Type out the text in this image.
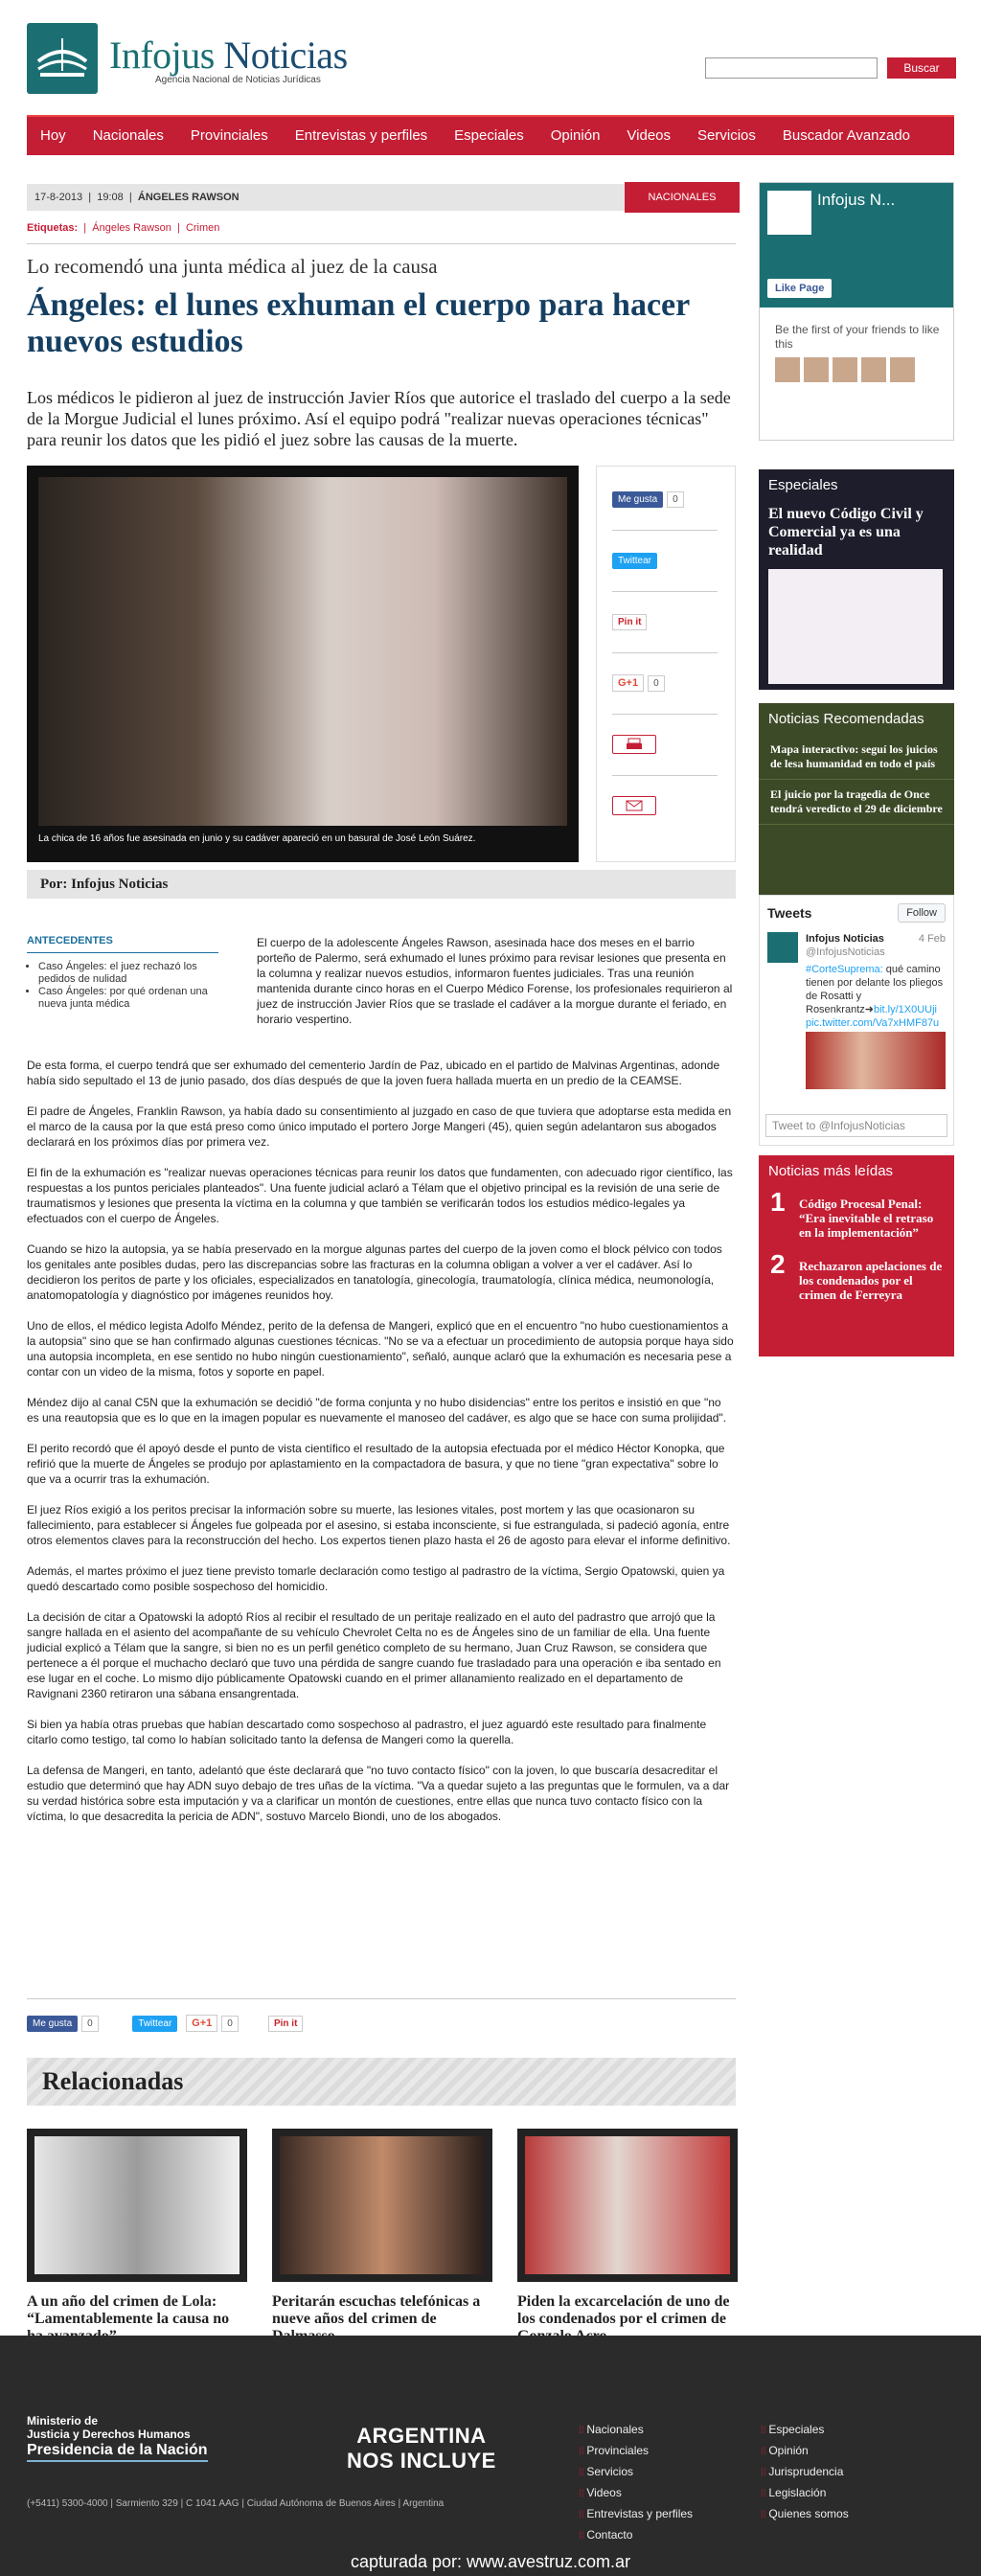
Infojus Noticias
Agencia Nacional de Noticias Jurídicas
Buscar
Hoy	Nacionales	Provinciales	Entrevistas y perfiles	Especiales	Opinión	Videos	Servicios	Buscador Avanzado
17-8-2013  |  19:08  |  ÁNGELES RAWSON	NACIONALES
Etiquetas:  |  Ángeles Rawson  |  Crimen
Lo recomendó una junta médica al juez de la causa
Ángeles: el lunes exhuman el cuerpo para hacer nuevos estudios

Los médicos le pidieron al juez de instrucción Javier Ríos que autorice el traslado del cuerpo a la sede de la Morgue Judicial el lunes próximo. Así el equipo podrá "realizar nuevas operaciones técnicas" para reunir los datos que les pidió el juez sobre las causas de la muerte.

La chica de 16 años fue asesinada en junio y su cadáver apareció en un basural de José León Suárez.
Me gusta 0
Twittear
Pin it
G+1 0
Por: Infojus Noticias
ANTECEDENTES
• Caso Ángeles: el juez rechazó los pedidos de nulidad
• Caso Ángeles: por qué ordenan una nueva junta médica

El cuerpo de la adolescente Ángeles Rawson, asesinada hace dos meses en el barrio porteño de Palermo, será exhumado el lunes próximo para revisar lesiones que presenta en la columna y realizar nuevos estudios, informaron fuentes judiciales. Tras una reunión mantenida durante cinco horas en el Cuerpo Médico Forense, los profesionales requirieron al juez de instrucción Javier Ríos que se traslade el cadáver a la morgue durante el feriado, en horario vespertino.

De esta forma, el cuerpo tendrá que ser exhumado del cementerio Jardín de Paz, ubicado en el partido de Malvinas Argentinas, adonde había sido sepultado el 13 de junio pasado, dos días después de que la joven fuera hallada muerta en un predio de la CEAMSE.

El padre de Ángeles, Franklin Rawson, ya había dado su consentimiento al juzgado en caso de que tuviera que adoptarse esta medida en el marco de la causa por la que está preso como único imputado el portero Jorge Mangeri (45), quien según adelantaron sus abogados declarará en los próximos días por primera vez.

El fin de la exhumación es "realizar nuevas operaciones técnicas para reunir los datos que fundamenten, con adecuado rigor científico, las respuestas a los puntos periciales planteados". Una fuente judicial aclaró a Télam que el objetivo principal es la revisión de una serie de traumatismos y lesiones que presenta la víctima en la columna y que también se verificarán todos los estudios médico-legales ya efectuados con el cuerpo de Ángeles.

Cuando se hizo la autopsia, ya se había preservado en la morgue algunas partes del cuerpo de la joven como el block pélvico con todos los genitales ante posibles dudas, pero las discrepancias sobre las fracturas en la columna obligan a volver a ver el cadáver. Así lo decidieron los peritos de parte y los oficiales, especializados en tanatología, ginecología, traumatología, clínica médica, neumonología, anatomopatología y diagnóstico por imágenes reunidos hoy.

Uno de ellos, el médico legista Adolfo Méndez, perito de la defensa de Mangeri, explicó que en el encuentro "no hubo cuestionamientos a la autopsia" sino que se han confirmado algunas cuestiones técnicas. "No se va a efectuar un procedimiento de autopsia porque haya sido una autopsia incompleta, en ese sentido no hubo ningún cuestionamiento", señaló, aunque aclaró que la exhumación es necesaria pese a contar con un video de la misma, fotos y soporte en papel.

Méndez dijo al canal C5N que la exhumación se decidió "de forma conjunta y no hubo disidencias" entre los peritos e insistió en que "no es una reautopsia que es lo que en la imagen popular es nuevamente el manoseo del cadáver, es algo que se hace con suma prolijidad".

El perito recordó que él apoyó desde el punto de vista científico el resultado de la autopsia efectuada por el médico Héctor Konopka, que refirió que la muerte de Ángeles se produjo por aplastamiento en la compactadora de basura, y que no tiene "gran expectativa" sobre lo que va a ocurrir tras la exhumación.

El juez Ríos exigió a los peritos precisar la información sobre su muerte, las lesiones vitales, post mortem y las que ocasionaron su fallecimiento, para establecer si Ángeles fue golpeada por el asesino, si estaba inconsciente, si fue estrangulada, si padeció agonía, entre otros elementos claves para la reconstrucción del hecho. Los expertos tienen plazo hasta el 26 de agosto para elevar el informe definitivo.

Además, el martes próximo el juez tiene previsto tomarle declaración como testigo al padrastro de la víctima, Sergio Opatowski, quien ya quedó descartado como posible sospechoso del homicidio.

La decisión de citar a Opatowski la adoptó Ríos al recibir el resultado de un peritaje realizado en el auto del padrastro que arrojó que la sangre hallada en el asiento del acompañante de su vehículo Chevrolet Celta no es de Ángeles sino de un familiar de ella. Una fuente judicial explicó a Télam que la sangre, si bien no es un perfil genético completo de su hermano, Juan Cruz Rawson, se considera que pertenece a él porque el muchacho declaró que tuvo una pérdida de sangre cuando fue trasladado para una operación e iba sentado en ese lugar en el coche. Lo mismo dijo públicamente Opatowski cuando en el primer allanamiento realizado en el departamento de Ravignani 2360 retiraron una sábana ensangrentada.

Si bien ya había otras pruebas que habían descartado como sospechoso al padrastro, el juez aguardó este resultado para finalmente citarlo como testigo, tal como lo habían solicitado tanto la defensa de Mangeri como la querella.

La defensa de Mangeri, en tanto, adelantó que éste declarará que "no tuvo contacto físico" con la joven, lo que buscaría desacreditar el estudio que determinó que hay ADN suyo debajo de tres uñas de la víctima. "Va a quedar sujeto a las preguntas que le formulen, va a dar su verdad histórica sobre esta imputación y va a clarificar un montón de cuestiones, entre ellas que nunca tuvo contacto físico con la víctima, lo que desacredita la pericia de ADN", sostuvo Marcelo Biondi, uno de los abogados.

Me gusta 0	Twittear G+1 0	Pin it
Relacionadas
A un año del crimen de Lola: “Lamentablemente la causa no
Peritarán escuchas telefónicas a nueve años del crimen de
Piden la excarcelación de uno de los condenados por el crimen de
Infojus N...
Like Page
Be the first of your friends to like this
Especiales
El nuevo Código Civil y Comercial ya es una realidad
Noticias Recomendadas
Mapa interactivo: seguí los juicios de lesa humanidad en todo el país
El juicio por la tragedia de Once tendrá veredicto el 29 de diciembre
Tweets	Follow
Infojus Noticias
@InfojusNoticias
4 Feb
#CorteSuprema: qué camino tienen por delante los pliegos de Rosatti y Rosenkrantz➜bit.ly/1X0UUji pic.twitter.com/Va7xHMF87u
Tweet to @InfojusNoticias
Noticias más leídas
1 Código Procesal Penal: “Era inevitable el retraso en la implementación”
2 Rechazaron apelaciones de los condenados por el crimen de Ferreyra
Ministerio de
Justicia y Derechos Humanos
Presidencia de la Nación
ARGENTINA
NOS INCLUYE
(+5411) 5300-4000 | Sarmiento 329 | C 1041 AAG | Ciudad Autónoma de Buenos Aires | Argentina
⁞⁞ Nacionales
⁞⁞ Provinciales
⁞⁞ Servicios
⁞⁞ Videos
⁞⁞ Entrevistas y perfiles
⁞⁞ Contacto
⁞⁞ Especiales
⁞⁞ Opinión
⁞⁞ Jurisprudencia
⁞⁞ Legislación
⁞⁞ Quienes somos
capturada por: www.avestruz.com.ar
